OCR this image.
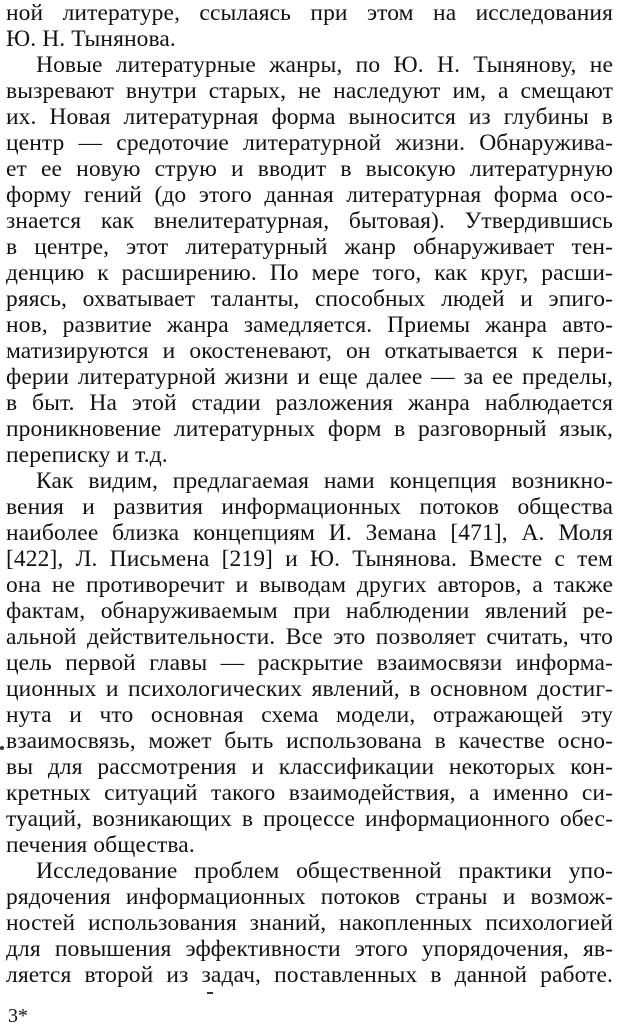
ной литературе, ссылаясь при этом на исследования
Ю. Н. Тынянова.
Новые литературные жанры, по Ю. Н. Тынянову, не
вызревают внутри старых, не наследуют им, а смещают
их. Новая литературная форма выносится из глубины в
центр — средоточие литературной жизни. Обнаружива-
ет ее новую струю и вводит в высокую литературную
форму гений (до этого данная литературная форма осо-
знается как внелитературная, бытовая). Утвердившись
в центре, этот литературный жанр обнаруживает тен-
денцию к расширению. По мере того, как круг, расши-
ряясь, охватывает таланты, способных людей и эпиго-
нов, развитие жанра замедляется. Приемы жанра авто-
матизируются и окостеневают, он откатывается к пери-
ферии литературной жизни и еще далее — за ее пределы,
в быт. На этой стадии разложения жанра наблюдается
проникновение литературных форм в разговорный язык,
переписку и т.д.
Как видим, предлагаемая нами концепция возникно-
вения и развития информационных потоков общества
наиболее близка концепциям И. Земана [471], А. Моля
[422], Л. Письмена [219] и Ю. Тынянова. Вместе с тем
она не противоречит и выводам других авторов, а также
фактам, обнаруживаемым при наблюдении явлений ре-
альной действительности. Все это позволяет считать, что
цель первой главы — раскрытие взаимосвязи информа-
ционных и психологических явлений, в основном достиг-
нута и что основная схема модели, отражающей эту
взаимосвязь, может быть использована в качестве осно-
вы для рассмотрения и классификации некоторых кон-
кретных ситуаций такого взаимодействия, а именно си-
туаций, возникающих в процессе информационного обес-
печения общества.
Исследование проблем общественной практики упо-
рядочения информационных потоков страны и возмож-
ностей использования знаний, накопленных психологией
для повышения эффективности этого упорядочения, яв-
ляется второй из задач, поставленных в данной работе.
3*
